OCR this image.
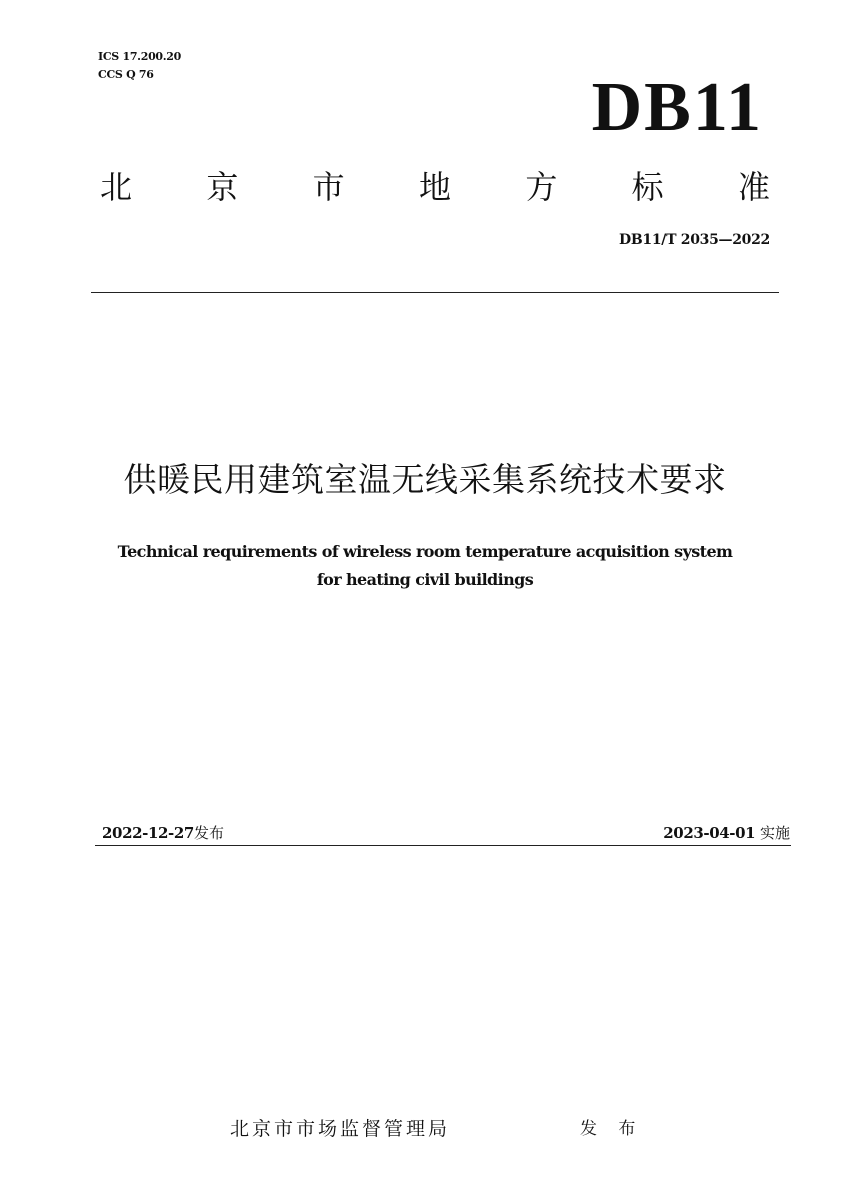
ICS 17.200.20
CCS Q 76	DB11
北 京 市 地 方 标 准
DB11/T 2035—2022
供暖民用建筑室温无线采集系统技术要求
Technical requirements of wireless room temperature acquisition system
for heating civil buildings
2022-12-27发布	2023-04-01 实施
北京市市场监督管理局	发 布
